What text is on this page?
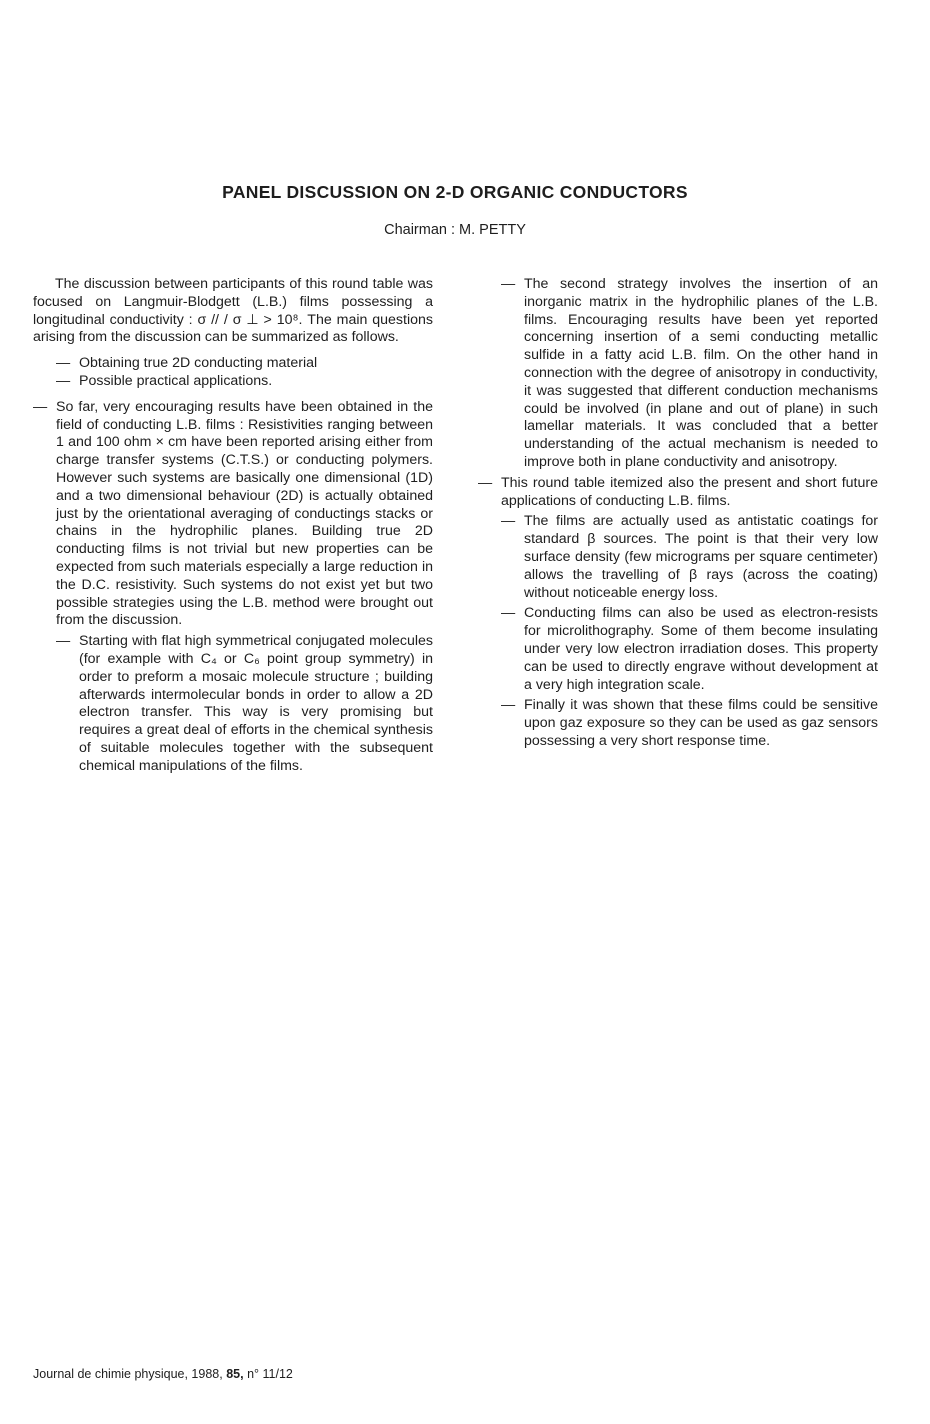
PANEL DISCUSSION ON 2-D ORGANIC CONDUCTORS
Chairman : M. PETTY

The discussion between participants of this round table was focused on Langmuir-Blodgett (L.B.) films possessing a longitudinal conductivity : σ // / σ ⊥ > 10⁸. The main questions arising from the discussion can be summarized as follows.

— Obtaining true 2D conducting material
— Possible practical applications.
— So far, very encouraging results have been obtained in the field of conducting L.B. films : Resistivities ranging between 1 and 100 ohm × cm have been reported arising either from charge transfer systems (C.T.S.) or conducting polymers. However such systems are basically one dimensional (1D) and a two dimensional behaviour (2D) is actually obtained just by the orientational averaging of conductings stacks or chains in the hydrophilic planes. Building true 2D conducting films is not trivial but new properties can be expected from such materials especially a large reduction in the D.C. resistivity. Such systems do not exist yet but two possible strategies using the L.B. method were brought out from the discussion.
— Starting with flat high symmetrical conjugated molecules (for example with C₄ or C₆ point group symmetry) in order to preform a mosaic molecule structure ; building afterwards intermolecular bonds in order to allow a 2D electron transfer. This way is very promising but requires a great deal of efforts in the chemical synthesis of suitable molecules together with the subsequent chemical manipulations of the films.
— The second strategy involves the insertion of an inorganic matrix in the hydrophilic planes of the L.B. films. Encouraging results have been yet reported concerning insertion of a semi conducting metallic sulfide in a fatty acid L.B. film. On the other hand in connection with the degree of anisotropy in conductivity, it was suggested that different conduction mechanisms could be involved (in plane and out of plane) in such lamellar materials. It was concluded that a better understanding of the actual mechanism is needed to improve both in plane conductivity and anisotropy.
— This round table itemized also the present and short future applications of conducting L.B. films.
— The films are actually used as antistatic coatings for standard β sources. The point is that their very low surface density (few micrograms per square centimeter) allows the travelling of β rays (across the coating) without noticeable energy loss.
— Conducting films can also be used as electron-resists for microlithography. Some of them become insulating under very low electron irradiation doses. This property can be used to directly engrave without development at a very high integration scale.
— Finally it was shown that these films could be sensitive upon gaz exposure so they can be used as gaz sensors possessing a very short response time.
Journal de chimie physique, 1988, 85, n° 11/12
